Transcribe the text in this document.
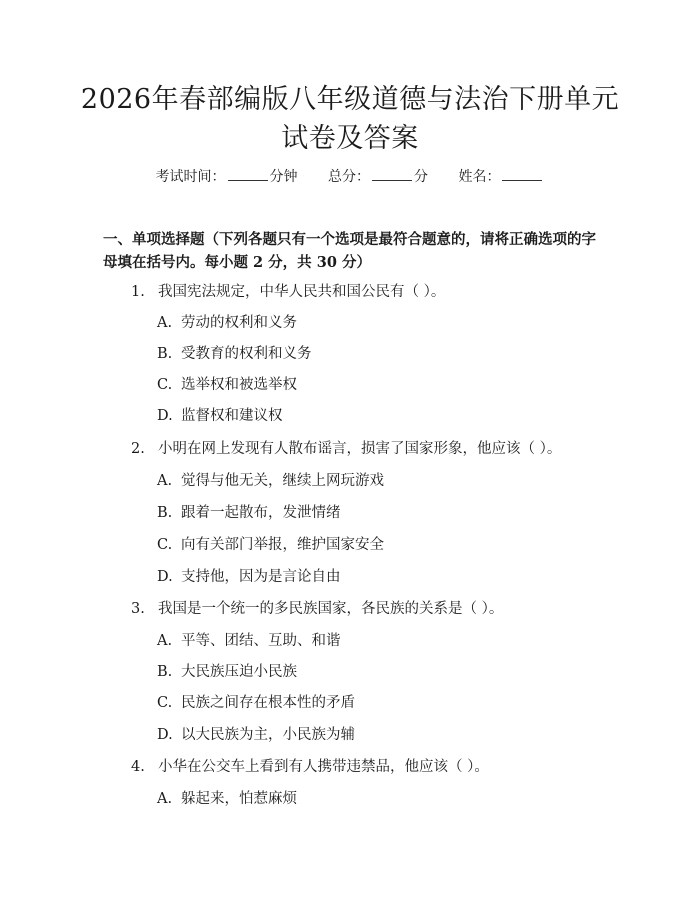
2026年春部编版八年级道德与法治下册单元
试卷及答案
考试时间：	分钟 总分：	分 姓名：
一、单项选择题（下列各题只有一个选项是最符合题意的，请将正确选项的字母填在括号内。每小题 2 分，共 30 分）
1. 我国宪法规定，中华人民共和国公民有（ ）。
A. 劳动的权利和义务
B. 受教育的权利和义务
C. 选举权和被选举权
D. 监督权和建议权
2. 小明在网上发现有人散布谣言，损害了国家形象，他应该（ ）。
A. 觉得与他无关，继续上网玩游戏
B. 跟着一起散布，发泄情绪
C. 向有关部门举报，维护国家安全
D. 支持他，因为是言论自由
3. 我国是一个统一的多民族国家，各民族的关系是（ ）。
A. 平等、团结、互助、和谐
B. 大民族压迫小民族
C. 民族之间存在根本性的矛盾
D. 以大民族为主，小民族为辅
4. 小华在公交车上看到有人携带违禁品，他应该（ ）。
A. 躲起来，怕惹麻烦
